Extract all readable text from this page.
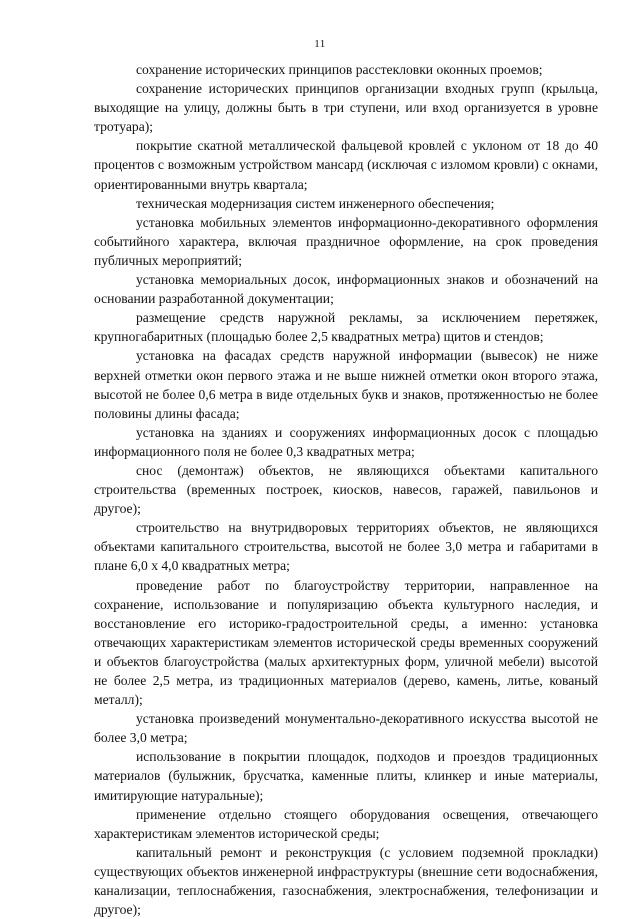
11

сохранение исторических принципов расстекловки оконных проемов;

сохранение исторических принципов организации входных групп (крыльца, выходящие на улицу, должны быть в три ступени, или вход организуется в уровне тротуара);

покрытие скатной металлической фальцевой кровлей с уклоном от 18 до 40 процентов с возможным устройством мансард (исключая с изломом кровли) с окнами, ориентированными внутрь квартала;

техническая модернизация систем инженерного обеспечения;

установка мобильных элементов информационно-декоративного оформления событийного характера, включая праздничное оформление, на срок проведения публичных мероприятий;

установка мемориальных досок, информационных знаков и обозначений на основании разработанной документации;

размещение средств наружной рекламы, за исключением перетяжек, крупногабаритных (площадью более 2,5 квадратных метра) щитов и стендов;

установка на фасадах средств наружной информации (вывесок) не ниже верхней отметки окон первого этажа и не выше нижней отметки окон второго этажа, высотой не более 0,6 метра в виде отдельных букв и знаков, протяженностью не более половины длины фасада;

установка на зданиях и сооружениях информационных досок с площадью информационного поля не более 0,3 квадратных метра;

снос (демонтаж) объектов, не являющихся объектами капитального строительства (временных построек, киосков, навесов, гаражей, павильонов и другое);

строительство на внутридворовых территориях объектов, не являющихся объектами капитального строительства, высотой не более 3,0 метра и габаритами в плане 6,0 х 4,0 квадратных метра;

проведение работ по благоустройству территории, направленное на сохранение, использование и популяризацию объекта культурного наследия, и восстановление его историко-градостроительной среды, а именно: установка отвечающих характеристикам элементов исторической среды временных сооружений и объектов благоустройства (малых архитектурных форм, уличной мебели) высотой не более 2,5 метра, из традиционных материалов (дерево, камень, литье, кованый металл);

установка произведений монументально-декоративного искусства высотой не более 3,0 метра;

использование в покрытии площадок, подходов и проездов традиционных материалов (булыжник, брусчатка, каменные плиты, клинкер и иные материалы, имитирующие натуральные);

применение отдельно стоящего оборудования освещения, отвечающего характеристикам элементов исторической среды;

капитальный ремонт и реконструкция (с условием подземной прокладки) существующих объектов инженерной инфраструктуры (внешние сети водоснабжения, канализации, теплоснабжения, газоснабжения, электроснабжения, телефонизации и другое);
